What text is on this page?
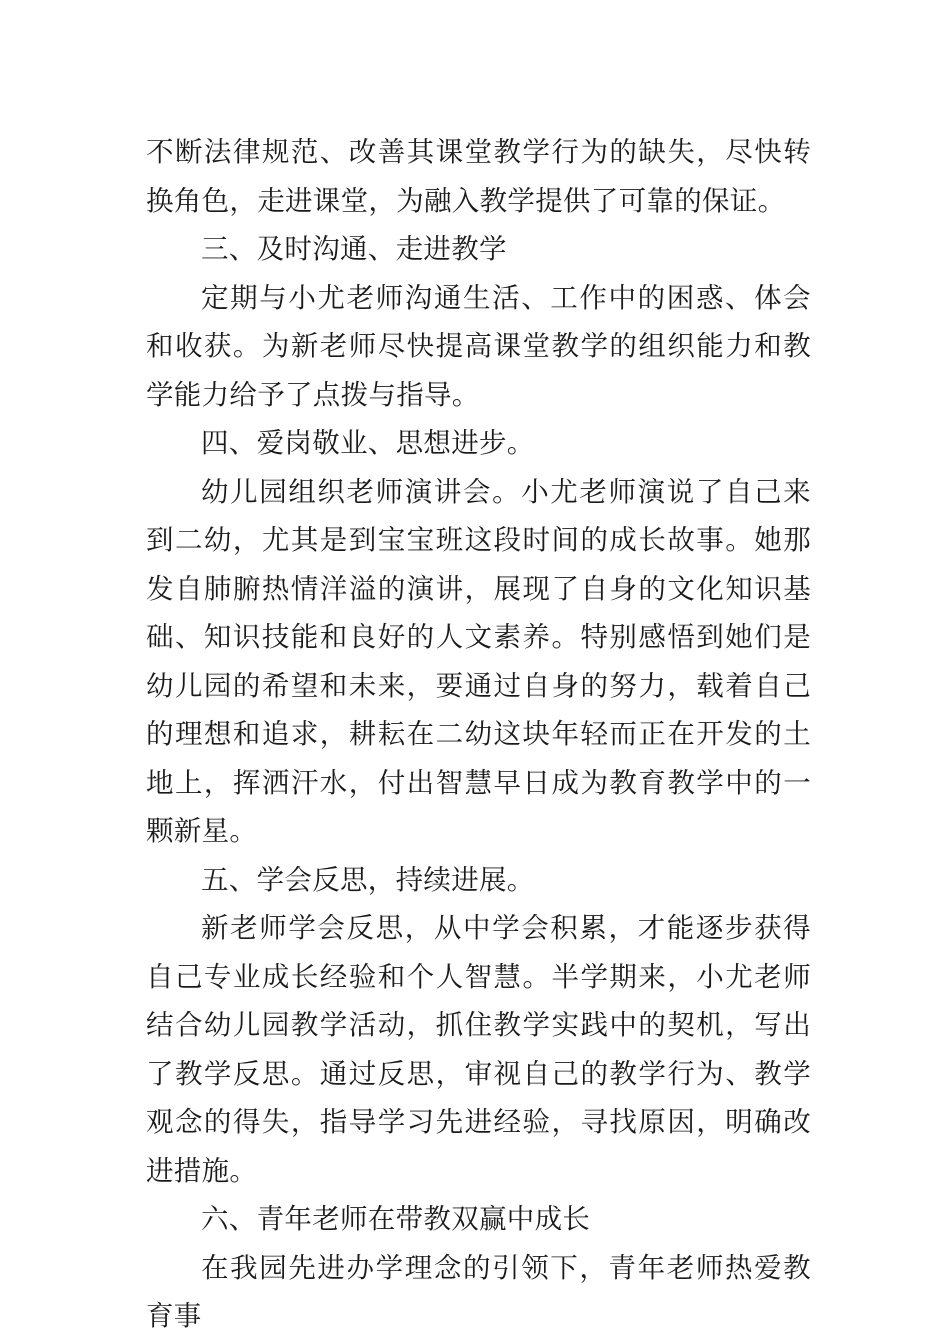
不断法律规范、改善其课堂教学行为的缺失，尽快转换角色，走进课堂，为融入教学提供了可靠的保证。

三、及时沟通、走进教学

定期与小尤老师沟通生活、工作中的困惑、体会和收获。为新老师尽快提高课堂教学的组织能力和教学能力给予了点拨与指导。

四、爱岗敬业、思想进步。

幼儿园组织老师演讲会。小尤老师演说了自己来到二幼，尤其是到宝宝班这段时间的成长故事。她那发自肺腑热情洋溢的演讲，展现了自身的文化知识基础、知识技能和良好的人文素养。特别感悟到她们是幼儿园的希望和未来，要通过自身的努力，载着自己的理想和追求，耕耘在二幼这块年轻而正在开发的土地上，挥洒汗水，付出智慧早日成为教育教学中的一颗新星。

五、学会反思，持续进展。

新老师学会反思，从中学会积累，才能逐步获得自己专业成长经验和个人智慧。半学期来，小尤老师结合幼儿园教学活动，抓住教学实践中的契机，写出了教学反思。通过反思，审视自己的教学行为、教学观念的得失，指导学习先进经验，寻找原因，明确改进措施。

六、青年老师在带教双赢中成长

在我园先进办学理念的引领下，青年老师热爱教育事
